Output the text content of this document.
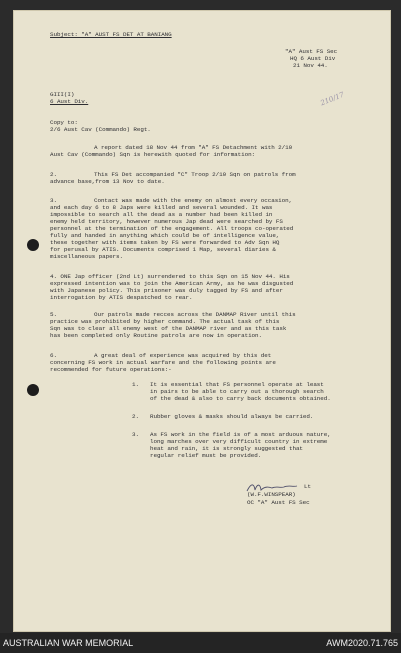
Subject: "A" AUST FS DET AT BANIANG
"A" Aust FS Sec
HQ 6 Aust Div
21 Nov 44.
GIII(I)
6 Aust Div.
Copy to:
2/6 Aust Cav (Commando) Regt.
210/17
A report dated 18 Nov 44 from "A" FS Detachment with 2/10
Aust Cav (Commando) Sqn is herewith quoted for information:
2.	This FS Det accompanied "C" Troop 2/10 Sqn on patrols from
advance base,from 13 Nov to date.
3.	Contact was made with the enemy on almost every occasion,
and each day 6 to 8 Japs were killed and several wounded. It was
impossible to search all the dead as a number had been killed in
enemy held territory, however numerous Jap dead were searched by FS
personnel at the termination of the engagement. All troops co-operated
fully and handed in anything which could be of intelligence value,
these together with items taken by FS were forwarded to Adv Sqn HQ
for perusal by ATIS. Documents comprised 1 Map, several diaries &
miscellaneous papers.
4. ONE Jap officer (2nd Lt) surrendered to this Sqn on 15 Nov 44. His
expressed intention was to join the American Army, as he was disgusted
with Japanese policy. This prisoner was duly tagged by FS and after
interrogation by ATIS despatched to rear.
5.	Our patrols made recces across the DANMAP River until this
practice was prohibited by higher command. The actual task of this
Sqn was to clear all enemy west of the DANMAP river and as this task
has been completed only Routine patrols are now in operation.
6.	A great deal of experience was acquired by this det
concerning FS work in actual warfare and the following points are
recommended for future operations:-
1. It is essential that FS personnel operate at least
in pairs to be able to carry out a thorough search
of the dead & also to carry back documents obtained.
2. Rubber gloves & masks should always be carried.
3. As FS work in the field is of a most arduous nature,
long marches over very difficult country in extreme
heat and rain, it is strongly suggested that
regular relief must be provided.
Lt
(W.F.WINSPEAR)
OC "A" Aust FS Sec
AUSTRALIAN WAR MEMORIAL	AWM2020.71.765
